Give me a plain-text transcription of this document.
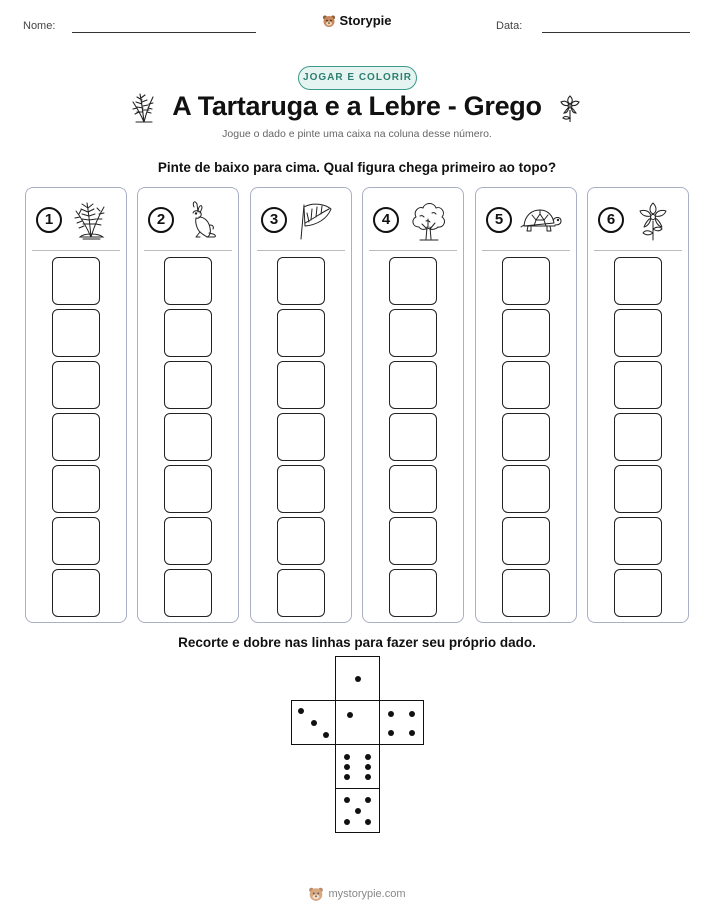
Nome:	Storypie	Data:
JOGAR E COLORIR
A Tartaruga e a Lebre - Grego
Jogue o dado e pinte uma caixa na coluna desse número.
Pinte de baixo para cima. Qual figura chega primeiro ao topo?
1	2	3	4	5	6
Recorte e dobre nas linhas para fazer seu próprio dado.
mystorypie.com
